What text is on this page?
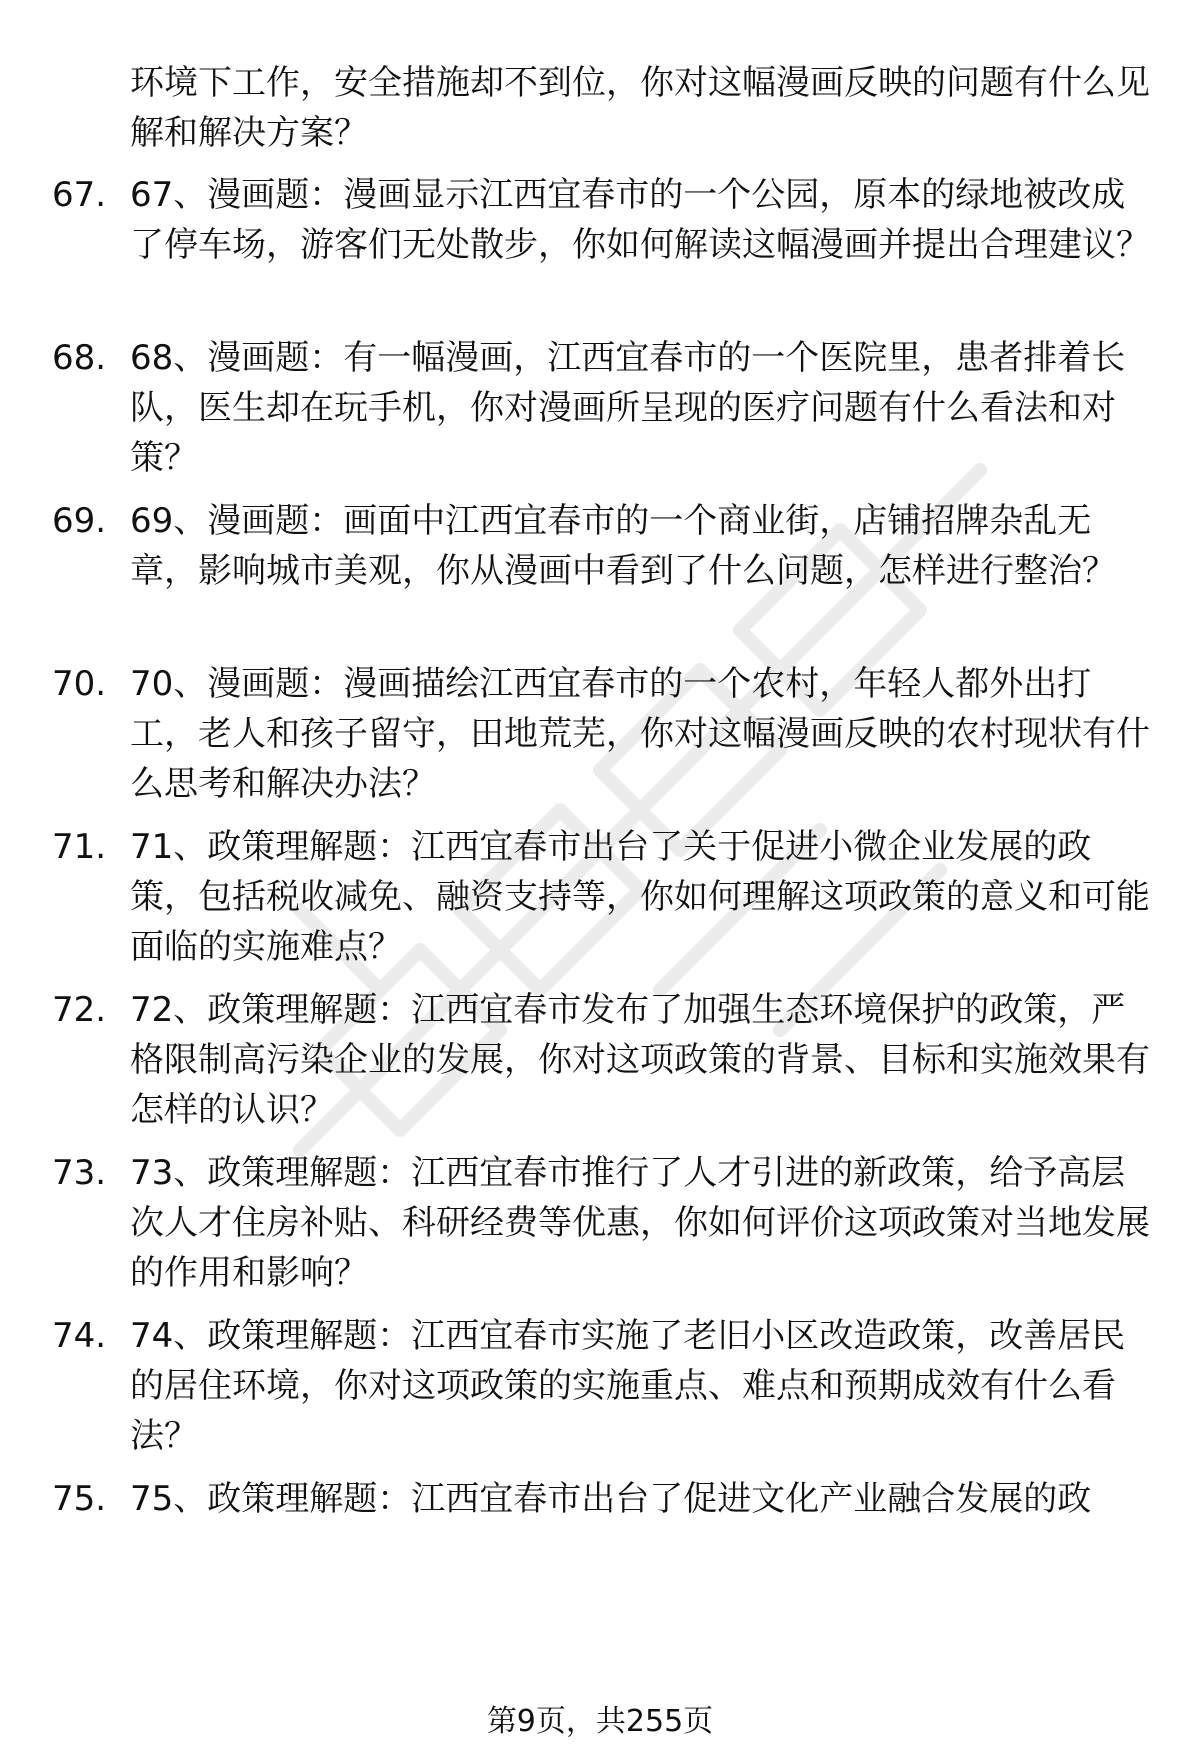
环境下工作，安全措施却不到位，你对这幅漫画反映的问题有什么见解和解决方案？
67. 67、漫画题：漫画显示江西宜春市的一个公园，原本的绿地被改成了停车场，游客们无处散步，你如何解读这幅漫画并提出合理建议？
68. 68、漫画题：有一幅漫画，江西宜春市的一个医院里，患者排着长队，医生却在玩手机，你对漫画所呈现的医疗问题有什么看法和对策？
69. 69、漫画题：画面中江西宜春市的一个商业街，店铺招牌杂乱无章，影响城市美观，你从漫画中看到了什么问题，怎样进行整治？
70. 70、漫画题：漫画描绘江西宜春市的一个农村，年轻人都外出打工，老人和孩子留守，田地荒芜，你对这幅漫画反映的农村现状有什么思考和解决办法？
71. 71、政策理解题：江西宜春市出台了关于促进小微企业发展的政策，包括税收减免、融资支持等，你如何理解这项政策的意义和可能面临的实施难点？
72. 72、政策理解题：江西宜春市发布了加强生态环境保护的政策，严格限制高污染企业的发展，你对这项政策的背景、目标和实施效果有怎样的认识？
73. 73、政策理解题：江西宜春市推行了人才引进的新政策，给予高层次人才住房补贴、科研经费等优惠，你如何评价这项政策对当地发展的作用和影响？
74. 74、政策理解题：江西宜春市实施了老旧小区改造政策，改善居民的居住环境，你对这项政策的实施重点、难点和预期成效有什么看法？
75. 75、政策理解题：江西宜春市出台了促进文化产业融合发展的政
第9页，共255页
